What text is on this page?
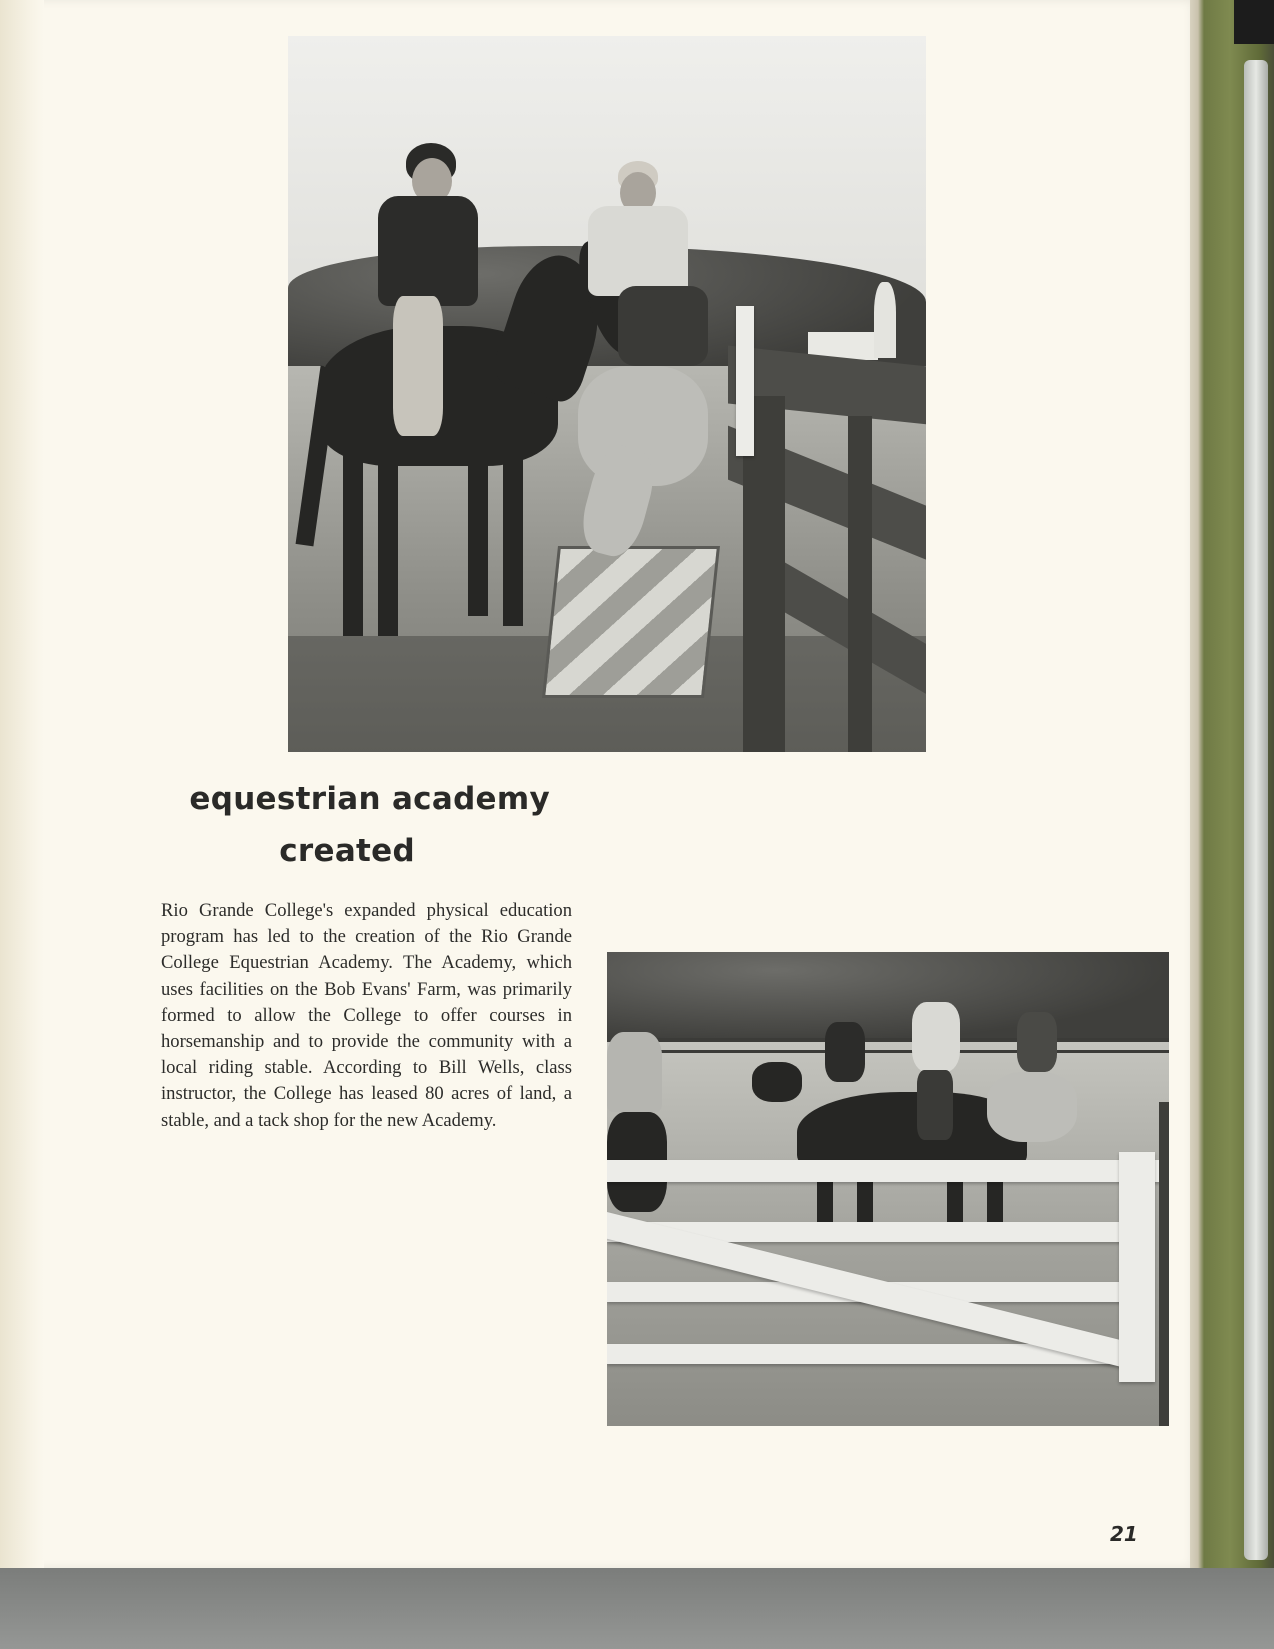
equestrian academy
created
Rio Grande College's expanded physical education program has led to the creation of the Rio Grande College Equestrian Academy. The Academy, which uses facilities on the Bob Evans' Farm, was primarily formed to allow the College to offer courses in horsemanship and to provide the community with a local riding stable. According to Bill Wells, class instructor, the College has leased 80 acres of land, a stable, and a tack shop for the new Academy.
21
